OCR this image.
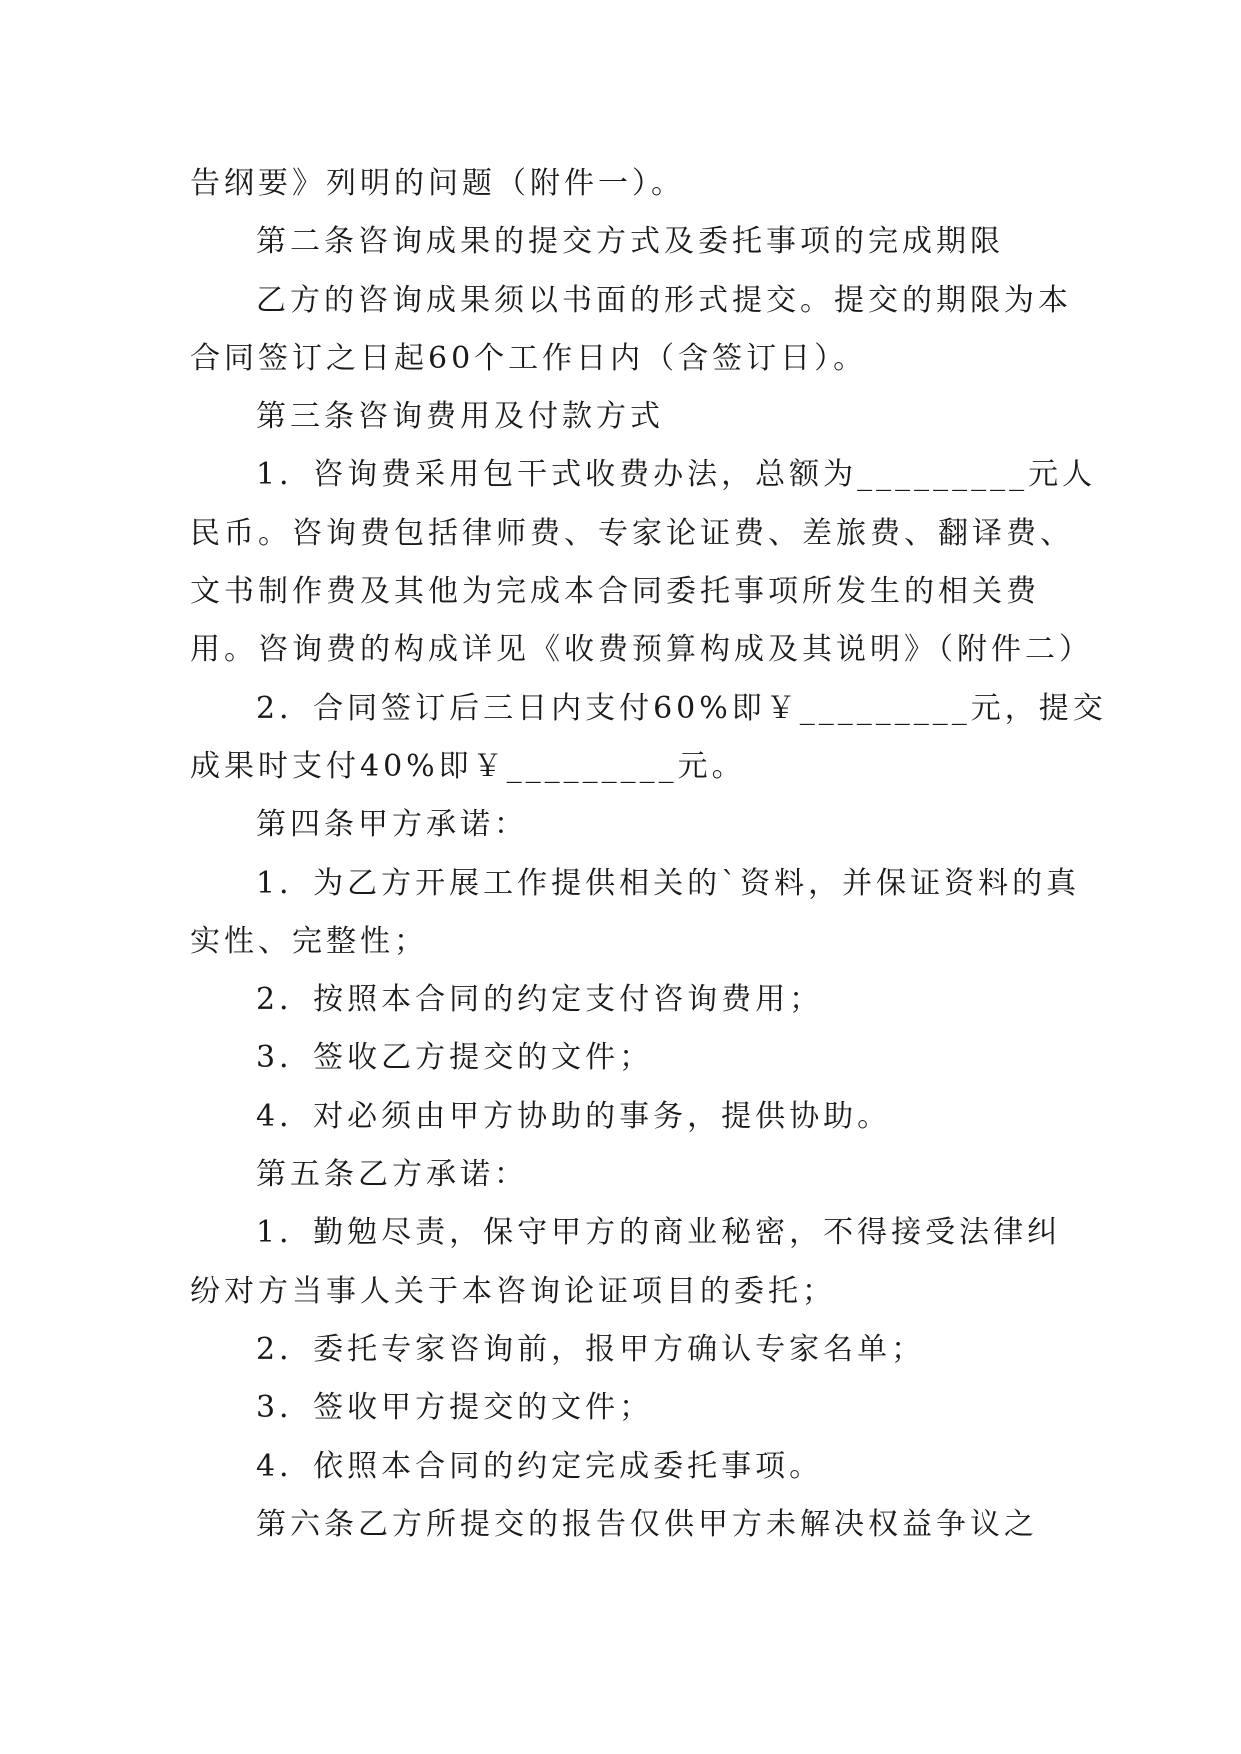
告纲要》列明的问题（附件一）。
第二条咨询成果的提交方式及委托事项的完成期限
乙方的咨询成果须以书面的形式提交。提交的期限为本
合同签订之日起60个工作日内（含签订日）。
第三条咨询费用及付款方式
1．咨询费采用包干式收费办法，总额为_________元人
民币。咨询费包括律师费、专家论证费、差旅费、翻译费、
文书制作费及其他为完成本合同委托事项所发生的相关费
用。咨询费的构成详见《收费预算构成及其说明》（附件二）
2．合同签订后三日内支付60%即￥_________元，提交
成果时支付40%即￥_________元。
第四条甲方承诺：
1．为乙方开展工作提供相关的`资料，并保证资料的真
实性、完整性；
2．按照本合同的约定支付咨询费用；
3．签收乙方提交的文件；
4．对必须由甲方协助的事务，提供协助。
第五条乙方承诺：
1．勤勉尽责，保守甲方的商业秘密，不得接受法律纠
纷对方当事人关于本咨询论证项目的委托；
2．委托专家咨询前，报甲方确认专家名单；
3．签收甲方提交的文件；
4．依照本合同的约定完成委托事项。
第六条乙方所提交的报告仅供甲方未解决权益争议之
